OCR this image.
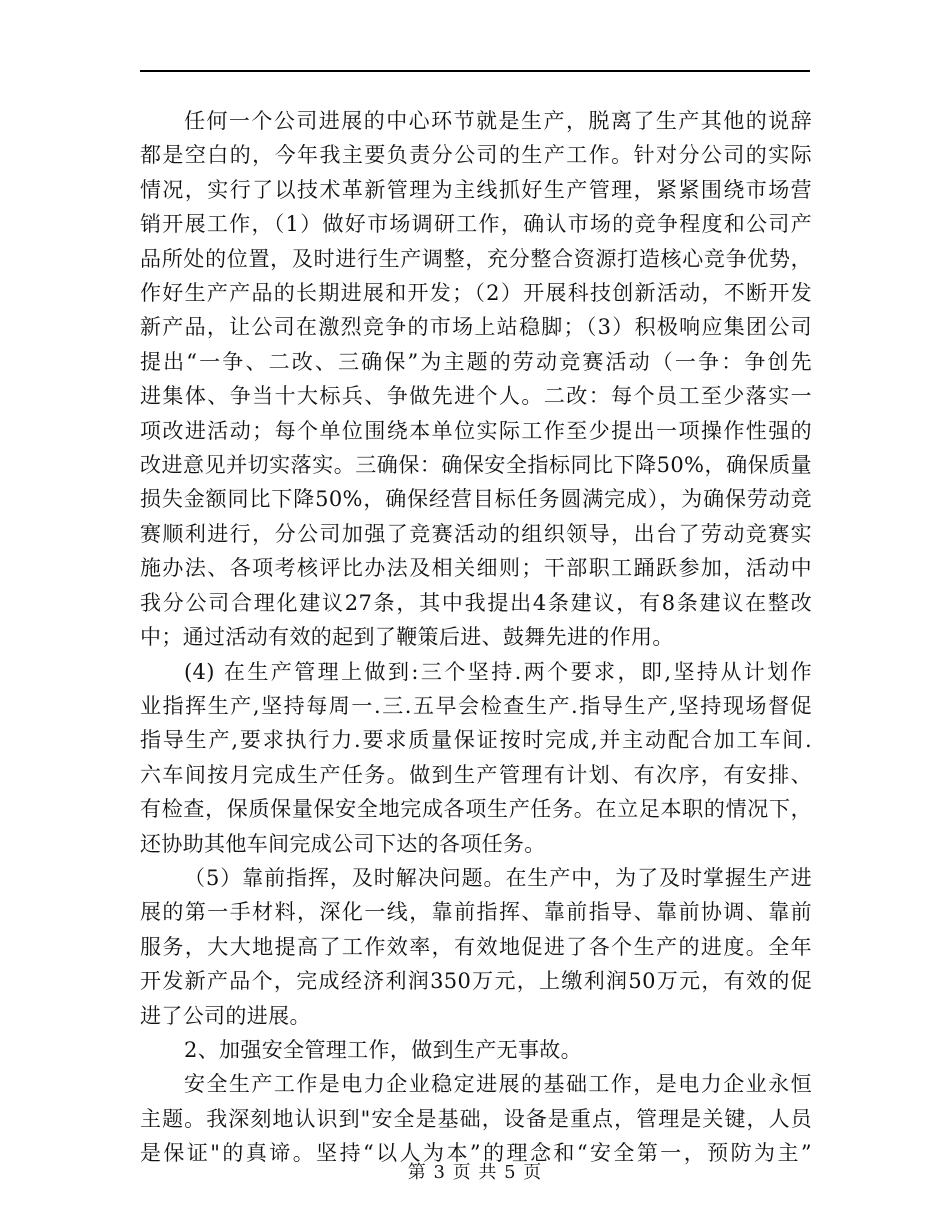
任何一个公司进展的中心环节就是生产，脱离了生产其他的说辞
都是空白的，今年我主要负责分公司的生产工作。针对分公司的实际
情况，实行了以技术革新管理为主线抓好生产管理，紧紧围绕市场营
销开展工作，（1）做好市场调研工作，确认市场的竞争程度和公司产
品所处的位置，及时进行生产调整，充分整合资源打造核心竞争优势，
作好生产产品的长期进展和开发；（2）开展科技创新活动，不断开发
新产品，让公司在激烈竞争的市场上站稳脚；（3）积极响应集团公司
提出“一争、二改、三确保”为主题的劳动竞赛活动（一争：争创先
进集体、争当十大标兵、争做先进个人。二改：每个员工至少落实一
项改进活动；每个单位围绕本单位实际工作至少提出一项操作性强的
改进意见并切实落实。三确保：确保安全指标同比下降50%，确保质量
损失金额同比下降50%，确保经营目标任务圆满完成），为确保劳动竞
赛顺利进行，分公司加强了竞赛活动的组织领导，出台了劳动竞赛实
施办法、各项考核评比办法及相关细则；干部职工踊跃参加，活动中
我分公司合理化建议27条，其中我提出4条建议，有8条建议在整改
中；通过活动有效的起到了鞭策后进、鼓舞先进的作用。

(4) 在生产管理上做到:三个坚持.两个要求，即,坚持从计划作
业指挥生产,坚持每周一.三.五早会检查生产.指导生产,坚持现场督促
指导生产,要求执行力.要求质量保证按时完成,并主动配合加工车间.
六车间按月完成生产任务。做到生产管理有计划、有次序，有安排、
有检查，保质保量保安全地完成各项生产任务。在立足本职的情况下，
还协助其他车间完成公司下达的各项任务。

（5）靠前指挥，及时解决问题。在生产中，为了及时掌握生产进
展的第一手材料，深化一线，靠前指挥、靠前指导、靠前协调、靠前
服务，大大地提高了工作效率，有效地促进了各个生产的进度。全年
开发新产品个，完成经济利润350万元，上缴利润50万元，有效的促
进了公司的进展。

2、加强安全管理工作，做到生产无事故。

安全生产工作是电力企业稳定进展的基础工作，是电力企业永恒
主题。我深刻地认识到"安全是基础，设备是重点，管理是关键，人员
是保证"的真谛。坚持“以人为本”的理念和“安全第一，预防为主”

第 3 页 共 5 页
